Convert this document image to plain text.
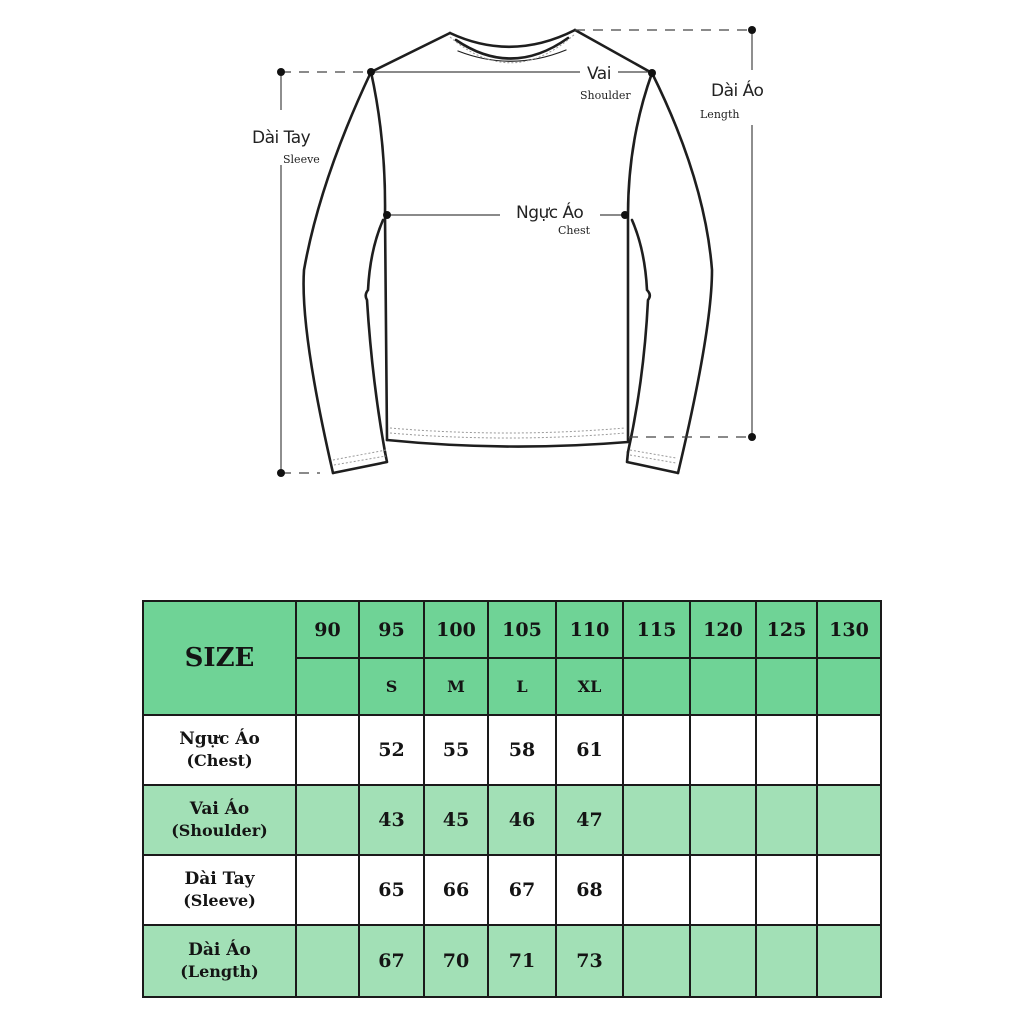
Vai
Shoulder	Dài Áo
Length
Dài Tay
Sleeve
Ngực Áo
Chest
SIZE	90	95	100	105	110	115	120	125	130
		S	M	L	XL				
Ngực Áo
(Chest)		52	55	58	61				
Vai Áo
(Shoulder)		43	45	46	47				
Dài Tay
(Sleeve)		65	66	67	68				
Dài Áo
(Length)		67	70	71	73				
